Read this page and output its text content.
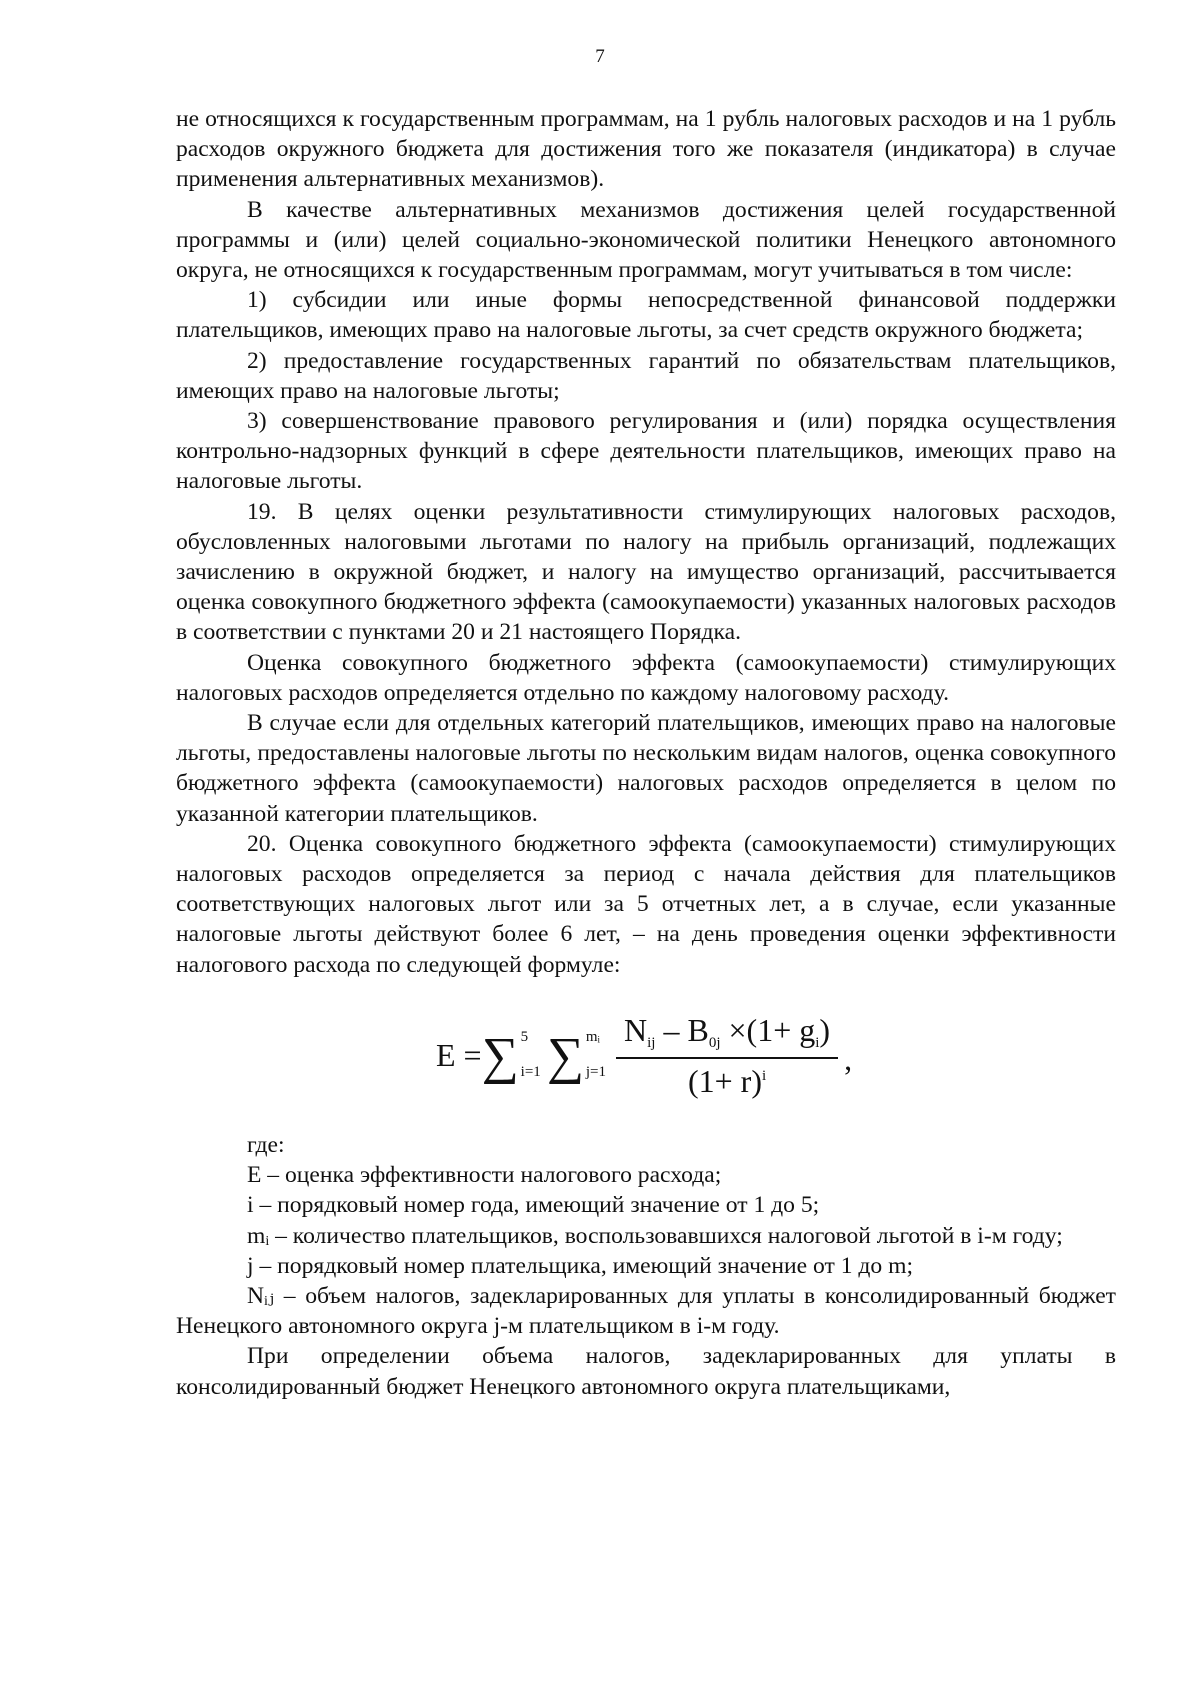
7

не относящихся к государственным программам, на 1 рубль налоговых расходов и на 1 рубль расходов окружного бюджета для достижения того же показателя (индикатора) в случае применения альтернативных механизмов).

В качестве альтернативных механизмов достижения целей государственной программы и (или) целей социально-экономической политики Ненецкого автономного округа, не относящихся к государственным программам, могут учитываться в том числе:

1) субсидии или иные формы непосредственной финансовой поддержки плательщиков, имеющих право на налоговые льготы, за счет средств окружного бюджета;

2) предоставление государственных гарантий по обязательствам плательщиков, имеющих право на налоговые льготы;

3) совершенствование правового регулирования и (или) порядка осуществления контрольно-надзорных функций в сфере деятельности плательщиков, имеющих право на налоговые льготы.

19. В целях оценки результативности стимулирующих налоговых расходов, обусловленных налоговыми льготами по налогу на прибыль организаций, подлежащих зачислению в окружной бюджет, и налогу на имущество организаций, рассчитывается оценка совокупного бюджетного эффекта (самоокупаемости) указанных налоговых расходов в соответствии с пунктами 20 и 21 настоящего Порядка.

Оценка совокупного бюджетного эффекта (самоокупаемости) стимулирующих налоговых расходов определяется отдельно по каждому налоговому расходу.

В случае если для отдельных категорий плательщиков, имеющих право на налоговые льготы, предоставлены налоговые льготы по нескольким видам налогов, оценка совокупного бюджетного эффекта (самоокупаемости) налоговых расходов определяется в целом по указанной категории плательщиков.

20. Оценка совокупного бюджетного эффекта (самоокупаемости) стимулирующих налоговых расходов определяется за период с начала действия для плательщиков соответствующих налоговых льгот или за 5 отчетных лет, а в случае, если указанные налоговые льготы действуют более 6 лет, – на день проведения оценки эффективности налогового расхода по следующей формуле:

E = ∑ 5
i=1 ∑ mᵢ
$j=1 \frac{N_{ij} - B_{0j} \times(1+ g_i)}{(1+ r)^i}$ ,

где:

Е – оценка эффективности налогового расхода;

i – порядковый номер года, имеющий значение от 1 до 5;

mᵢ – количество плательщиков, воспользовавшихся налоговой льготой в i-м году;

j – порядковый номер плательщика, имеющий значение от 1 до m;

Nᵢⱼ – объем налогов, задекларированных для уплаты в консолидированный бюджет Ненецкого автономного округа j-м плательщиком в i-м году.

При определении объема налогов, задекларированных для уплаты в консолидированный бюджет Ненецкого автономного округа плательщиками,
